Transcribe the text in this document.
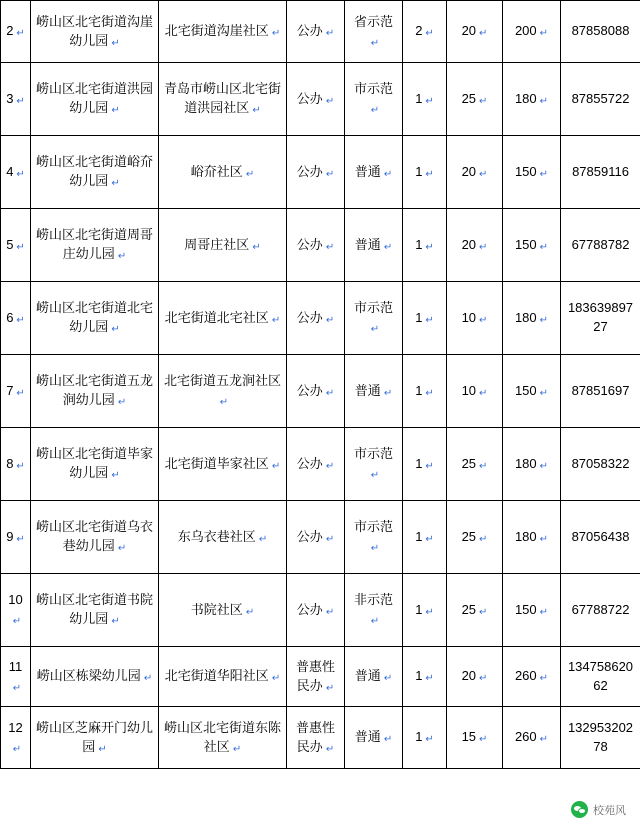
2↵	崂山区北宅街道沟崖幼儿园↵	北宅街道沟崖社区↵	公办↵	省示范↵	2↵	20↵	200↵	87858088
3↵	崂山区北宅街道洪园幼儿园↵	青岛市崂山区北宅街道洪园社区↵	公办↵	市示范↵	1↵	25↵	180↵	87855722
4↵	崂山区北宅街道峪夼幼儿园↵	峪夼社区↵	公办↵	普通↵	1↵	20↵	150↵	87859116
5↵	崂山区北宅街道周哥庄幼儿园↵	周哥庄社区↵	公办↵	普通↵	1↵	20↵	150↵	67788782
6↵	崂山区北宅街道北宅幼儿园↵	北宅街道北宅社区↵	公办↵	市示范↵	1↵	10↵	180↵	18363989727
7↵	崂山区北宅街道五龙涧幼儿园↵	北宅街道五龙涧社区↵	公办↵	普通↵	1↵	10↵	150↵	87851697
8↵	崂山区北宅街道毕家幼儿园↵	北宅街道毕家社区↵	公办↵	市示范↵	1↵	25↵	180↵	87058322
9↵	崂山区北宅街道乌衣巷幼儿园↵	东乌衣巷社区↵	公办↵	市示范↵	1↵	25↵	180↵	87056438
10↵	崂山区北宅街道书院幼儿园↵	书院社区↵	公办↵	非示范↵	1↵	25↵	150↵	67788722
11↵	崂山区栋梁幼儿园↵	北宅街道华阳社区↵	普惠性民办↵	普通↵	1↵	20↵	260↵	13475862062
12↵	崂山区芝麻开门幼儿园↵	崂山区北宅街道东陈社区↵	普惠性民办↵	普通↵	1↵	15↵	260↵	13295320278
校苑风
